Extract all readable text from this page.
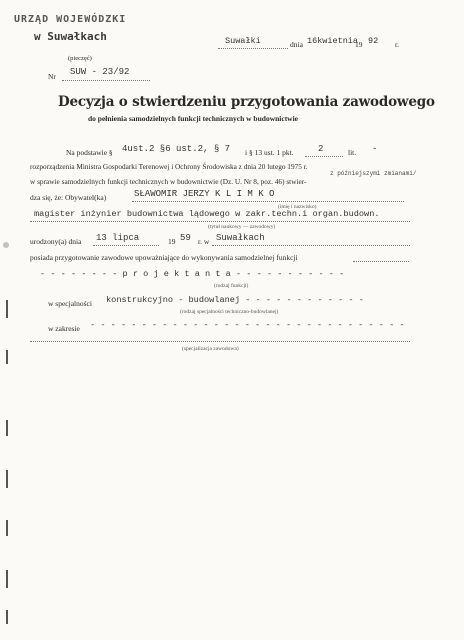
URZĄD WOJEWÓDZKI
w Suwałkach
(pieczęć)
Suwałki	dnia 16kwietnia
19 92 r.
Nr SUW - 23/92
Decyzja o stwierdzeniu przygotowania zawodowego
do pełnienia samodzielnych funkcji technicznych w budownictwie
Na podstawie § 4ust.2 §6 ust.2, § 7 i § 13 ust. 1 pkt.	2	lit. -
rozporządzenia Ministra Gospodarki Terenowej i Ochrony Środowiska z dnia 20 lutego 1975 r.
z późniejszymi zmianami/
w sprawie samodzielnych funkcji technicznych w budownictwie (Dz. U. Nr 8, poz. 46) stwier-
dza się, że: Obywatel(ka)	SŁAWOMIR JERZY K L I M K O
(imię i nazwisko)
magister inżynier budownictwa lądowego w zakr.techn.i organ.budown.
(tytuł naukowy — zawodowy)
urodzony(a) dnia 13 lipca	19 59 r. w Suwałkach
posiada przygotowanie zawodowe upoważniające do wykonywania samodzielnej funkcji
- - - - - - - - p r o j e k t a n t a - - - - - - - - - - -
(rodzaj funkcji)
w specjalności konstrukcyjno - budowlanej - - - - - - - - - - - -
(rodzaj specjalności techniczno-budowlanej)
w zakresie - - - - - - - - - - - - - - - - - - - - - - - - - - - - - - -
(specjalizacja zawodowa)
